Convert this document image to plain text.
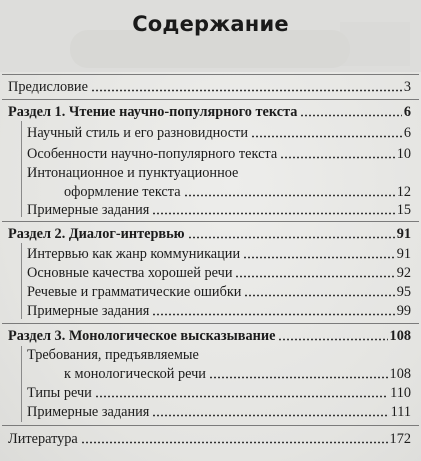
Содержание
Предисловие	3
Раздел 1. Чтение научно-популярного текста	6
Научный стиль и его разновидности	6
Особенности научно-популярного текста	10
Интонационное и пунктуационное
оформление текста	12
Примерные задания	15
Раздел 2. Диалог-интервью	91
Интервью как жанр коммуникации	91
Основные качества хорошей речи	92
Речевые и грамматические ошибки	95
Примерные задания	99
Раздел 3. Монологическое высказывание	108
Требования, предъявляемые
к монологической речи	108
Типы речи	110
Примерные задания	111
Литература	172
